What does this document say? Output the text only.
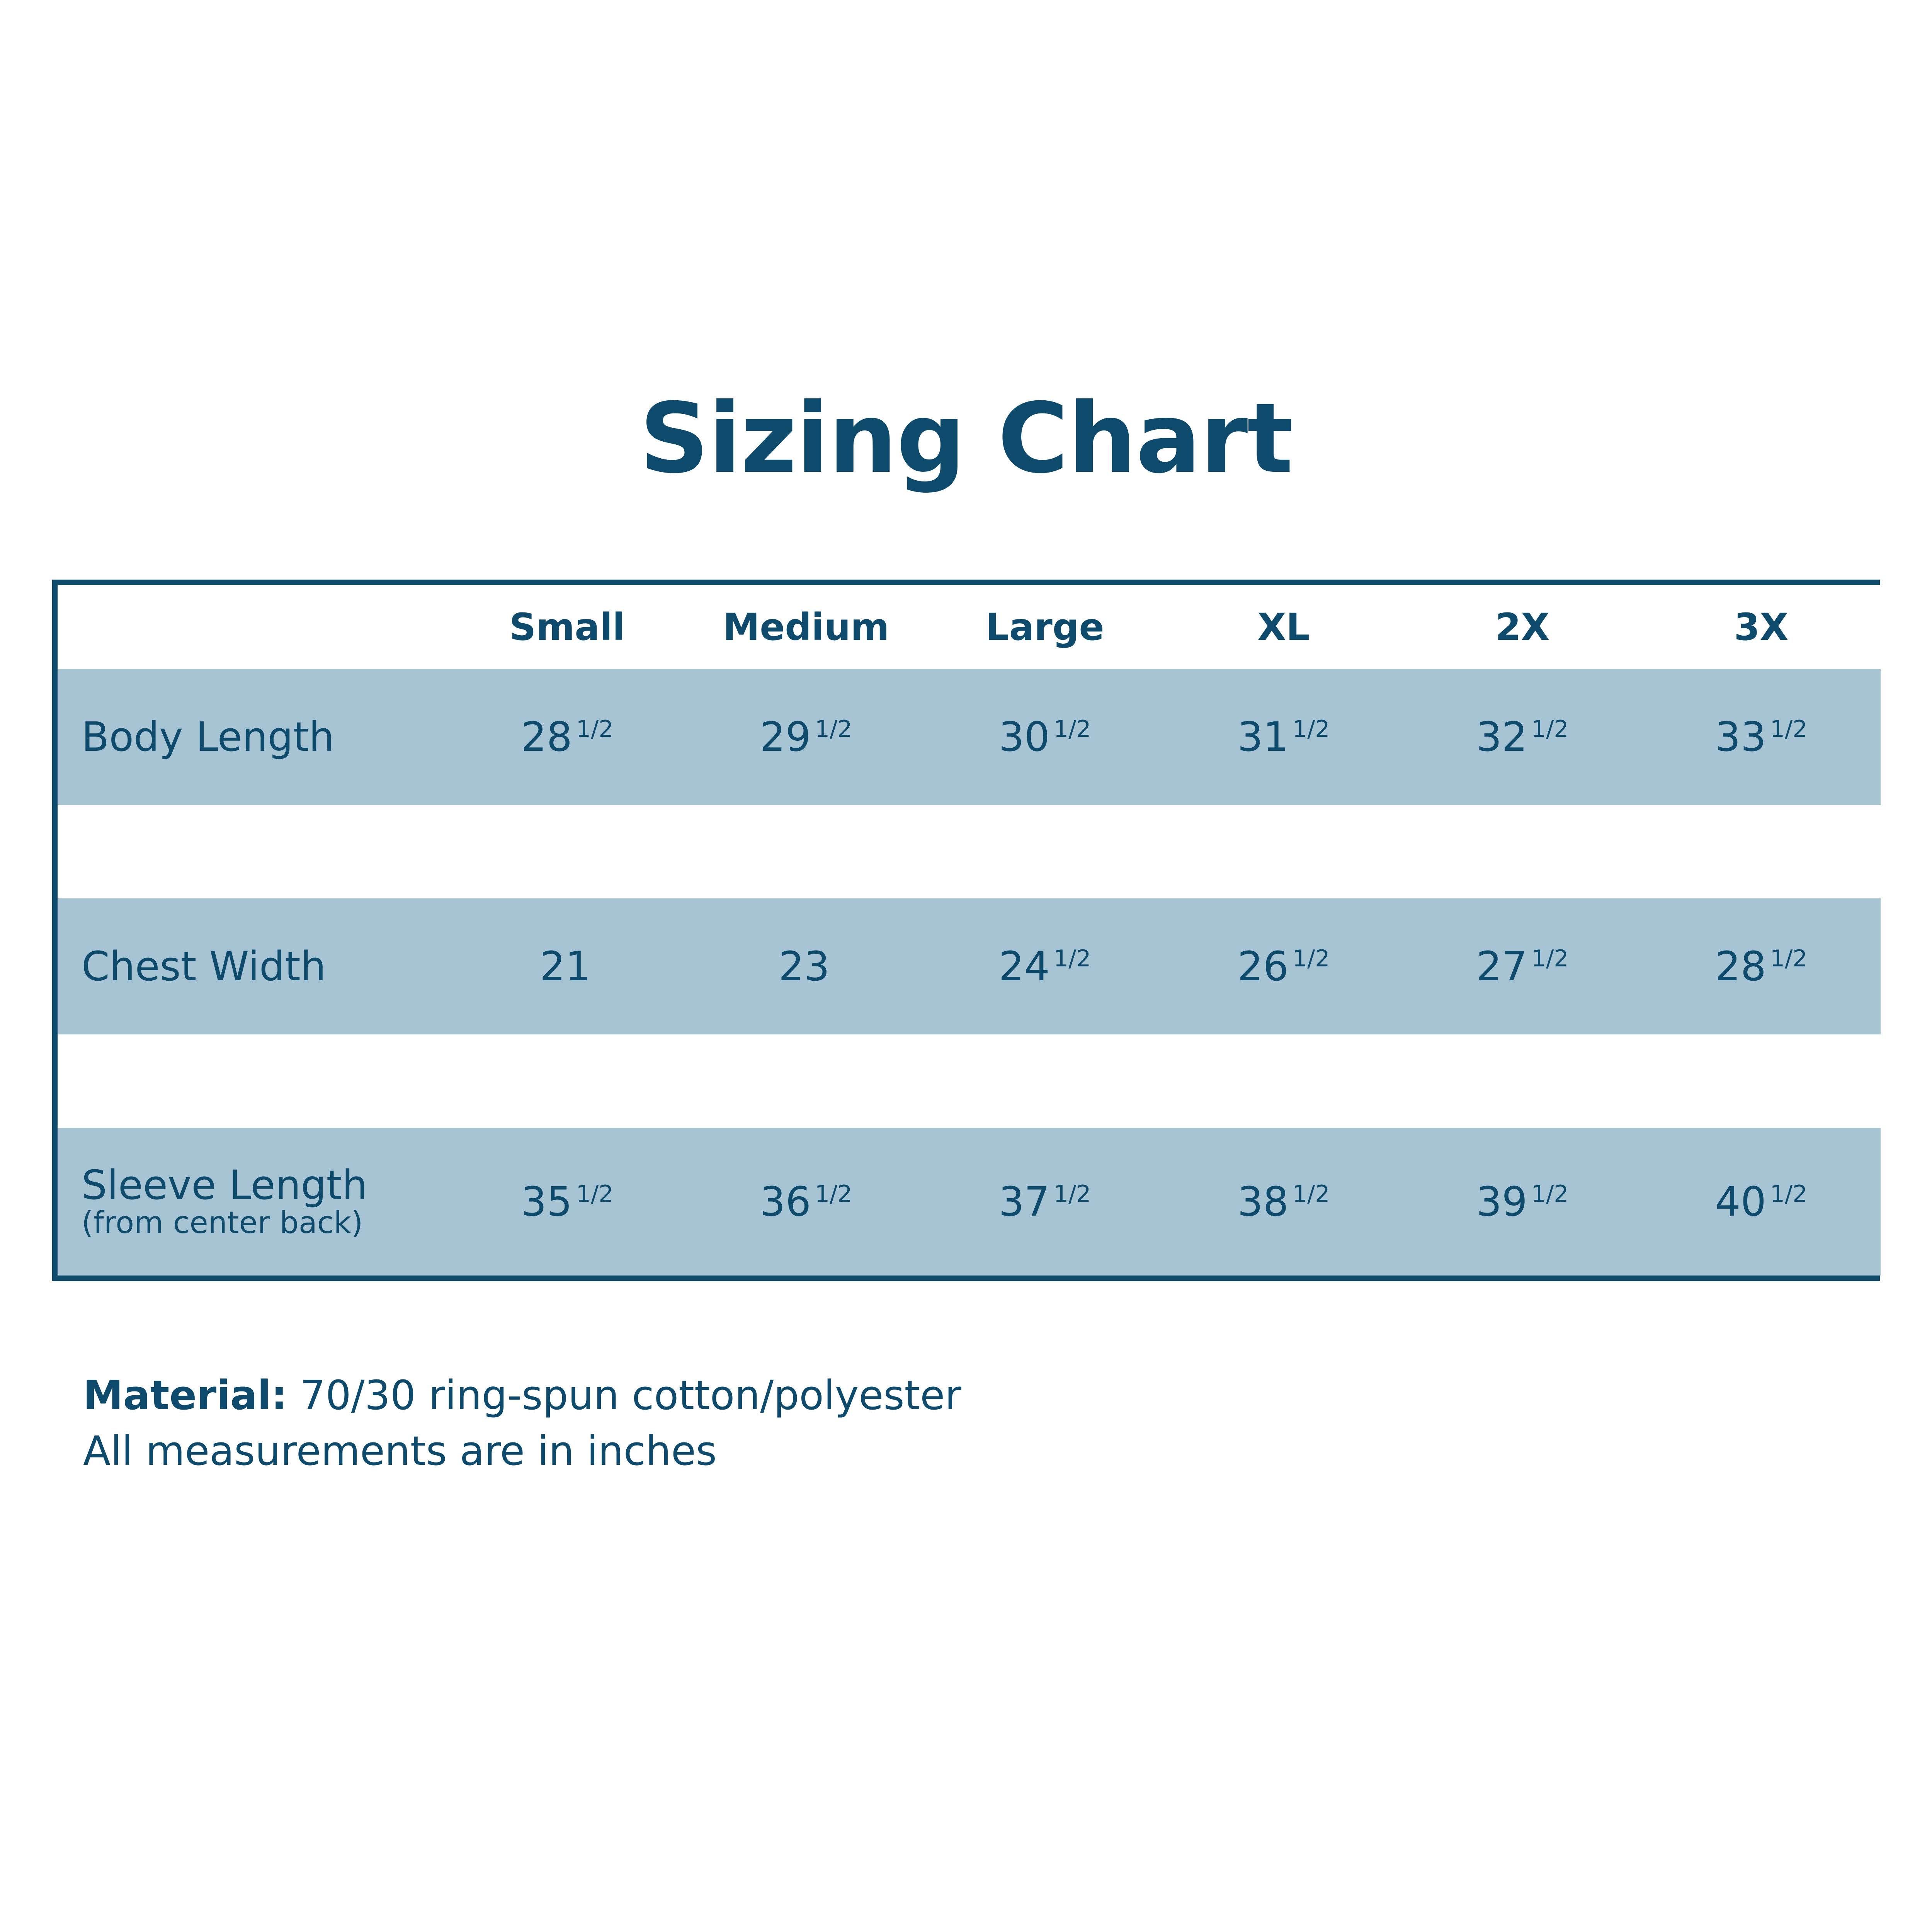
Sizing Chart
	Small	Medium	Large	XL	2X	3X
Body Length	28 $^{1/2}$	29 $^{1/2}$	30 $^{1/2}$	31 $^{1/2}$	32 $^{1/2}$	33 $^{1/2}$

Chest Width	21	23	24 $^{1/2}$	26 $^{1/2}$	27 $^{1/2}$	28 $^{1/2}$

Sleeve Length
(from center back)	35 $^{1/2}$	36 $^{1/2}$	37 $^{1/2}$	38 $^{1/2}$	39 $^{1/2}$	40 $^{1/2}$
Material: 70/30 ring-spun cotton/polyester
All measurements are in inches
